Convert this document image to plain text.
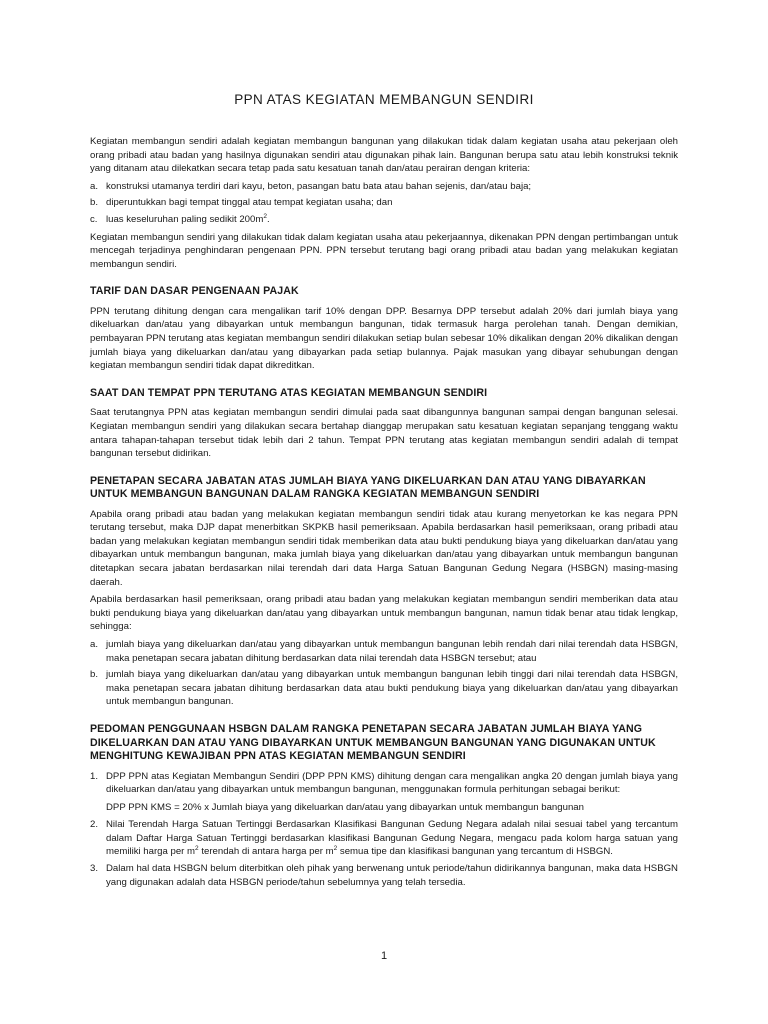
PPN ATAS KEGIATAN MEMBANGUN SENDIRI

Kegiatan membangun sendiri adalah kegiatan membangun bangunan yang dilakukan tidak dalam kegiatan usaha atau pekerjaan oleh orang pribadi atau badan yang hasilnya digunakan sendiri atau digunakan pihak lain. Bangunan berupa satu atau lebih konstruksi teknik yang ditanam atau dilekatkan secara tetap pada satu kesatuan tanah dan/atau perairan dengan kriteria:

a. konstruksi utamanya terdiri dari kayu, beton, pasangan batu bata atau bahan sejenis, dan/atau baja;
b. diperuntukkan bagi tempat tinggal atau tempat kegiatan usaha; dan
c. luas keseluruhan paling sedikit $200m^2$.

Kegiatan membangun sendiri yang dilakukan tidak dalam kegiatan usaha atau pekerjaannya, dikenakan PPN dengan pertimbangan untuk mencegah terjadinya penghindaran pengenaan PPN. PPN tersebut terutang bagi orang pribadi atau badan yang melakukan kegiatan membangun sendiri.

TARIF DAN DASAR PENGENAAN PAJAK

PPN terutang dihitung dengan cara mengalikan tarif 10% dengan DPP. Besarnya DPP tersebut adalah 20% dari jumlah biaya yang dikeluarkan dan/atau yang dibayarkan untuk membangun bangunan, tidak termasuk harga perolehan tanah. Dengan demikian, pembayaran PPN terutang atas kegiatan membangun sendiri dilakukan setiap bulan sebesar 10% dikalikan dengan 20% dikalikan dengan jumlah biaya yang dikeluarkan dan/atau yang dibayarkan pada setiap bulannya. Pajak masukan yang dibayar sehubungan dengan kegiatan membangun sendiri tidak dapat dikreditkan.

SAAT DAN TEMPAT PPN TERUTANG ATAS KEGIATAN MEMBANGUN SENDIRI

Saat terutangnya PPN atas kegiatan membangun sendiri dimulai pada saat dibangunnya bangunan sampai dengan bangunan selesai. Kegiatan membangun sendiri yang dilakukan secara bertahap dianggap merupakan satu kesatuan kegiatan sepanjang tenggang waktu antara tahapan-tahapan tersebut tidak lebih dari 2 tahun. Tempat PPN terutang atas kegiatan membangun sendiri adalah di tempat bangunan tersebut didirikan.

PENETAPAN SECARA JABATAN ATAS JUMLAH BIAYA YANG DIKELUARKAN DAN ATAU YANG DIBAYARKAN UNTUK MEMBANGUN BANGUNAN DALAM RANGKA KEGIATAN MEMBANGUN SENDIRI

Apabila orang pribadi atau badan yang melakukan kegiatan membangun sendiri tidak atau kurang menyetorkan ke kas negara PPN terutang tersebut, maka DJP dapat menerbitkan SKPKB hasil pemeriksaan. Apabila berdasarkan hasil pemeriksaan, orang pribadi atau badan yang melakukan kegiatan membangun sendiri tidak memberikan data atau bukti pendukung biaya yang dikeluarkan dan/atau yang dibayarkan untuk membangun bangunan, maka jumlah biaya yang dikeluarkan dan/atau yang dibayarkan untuk membangun bangunan ditetapkan secara jabatan berdasarkan nilai terendah dari data Harga Satuan Bangunan Gedung Negara (HSBGN) masing-masing daerah.

Apabila berdasarkan hasil pemeriksaan, orang pribadi atau badan yang melakukan kegiatan membangun sendiri memberikan data atau bukti pendukung biaya yang dikeluarkan dan/atau yang dibayarkan untuk membangun bangunan, namun tidak benar atau tidak lengkap, sehingga:

a. jumlah biaya yang dikeluarkan dan/atau yang dibayarkan untuk membangun bangunan lebih rendah dari nilai terendah data HSBGN, maka penetapan secara jabatan dihitung berdasarkan data nilai terendah data HSBGN tersebut; atau
b. jumlah biaya yang dikeluarkan dan/atau yang dibayarkan untuk membangun bangunan lebih tinggi dari nilai terendah data HSBGN, maka penetapan secara jabatan dihitung berdasarkan data atau bukti pendukung biaya yang dikeluarkan dan/atau yang dibayarkan untuk membangun bangunan.
PEDOMAN PENGGUNAAN HSBGN DALAM RANGKA PENETAPAN SECARA JABATAN JUMLAH BIAYA YANG DIKELUARKAN DAN ATAU YANG DIBAYARKAN UNTUK MEMBANGUN BANGUNAN YANG DIGUNAKAN UNTUK MENGHITUNG KEWAJIBAN PPN ATAS KEGIATAN MEMBANGUN SENDIRI
1. DPP PPN atas Kegiatan Membangun Sendiri (DPP PPN KMS) dihitung dengan cara mengalikan angka 20 dengan jumlah biaya yang dikeluarkan dan/atau yang dibayarkan untuk membangun bangunan, menggunakan formula perhitungan sebagai berikut:
DPP PPN KMS = 20% x Jumlah biaya yang dikeluarkan dan/atau yang dibayarkan untuk membangun bangunan
2. Nilai Terendah Harga Satuan Tertinggi Berdasarkan Klasifikasi Bangunan Gedung Negara adalah nilai sesuai tabel yang tercantum dalam Daftar Harga Satuan Tertinggi berdasarkan klasifikasi Bangunan Gedung Negara, mengacu pada kolom harga satuan yang memiliki harga per $m^2$ terendah di antara harga per $m^2$ semua tipe dan klasifikasi bangunan yang tercantum di HSBGN.
3. Dalam hal data HSBGN belum diterbitkan oleh pihak yang berwenang untuk periode/tahun didirikannya bangunan, maka data HSBGN yang digunakan adalah data HSBGN periode/tahun sebelumnya yang telah tersedia.
1
